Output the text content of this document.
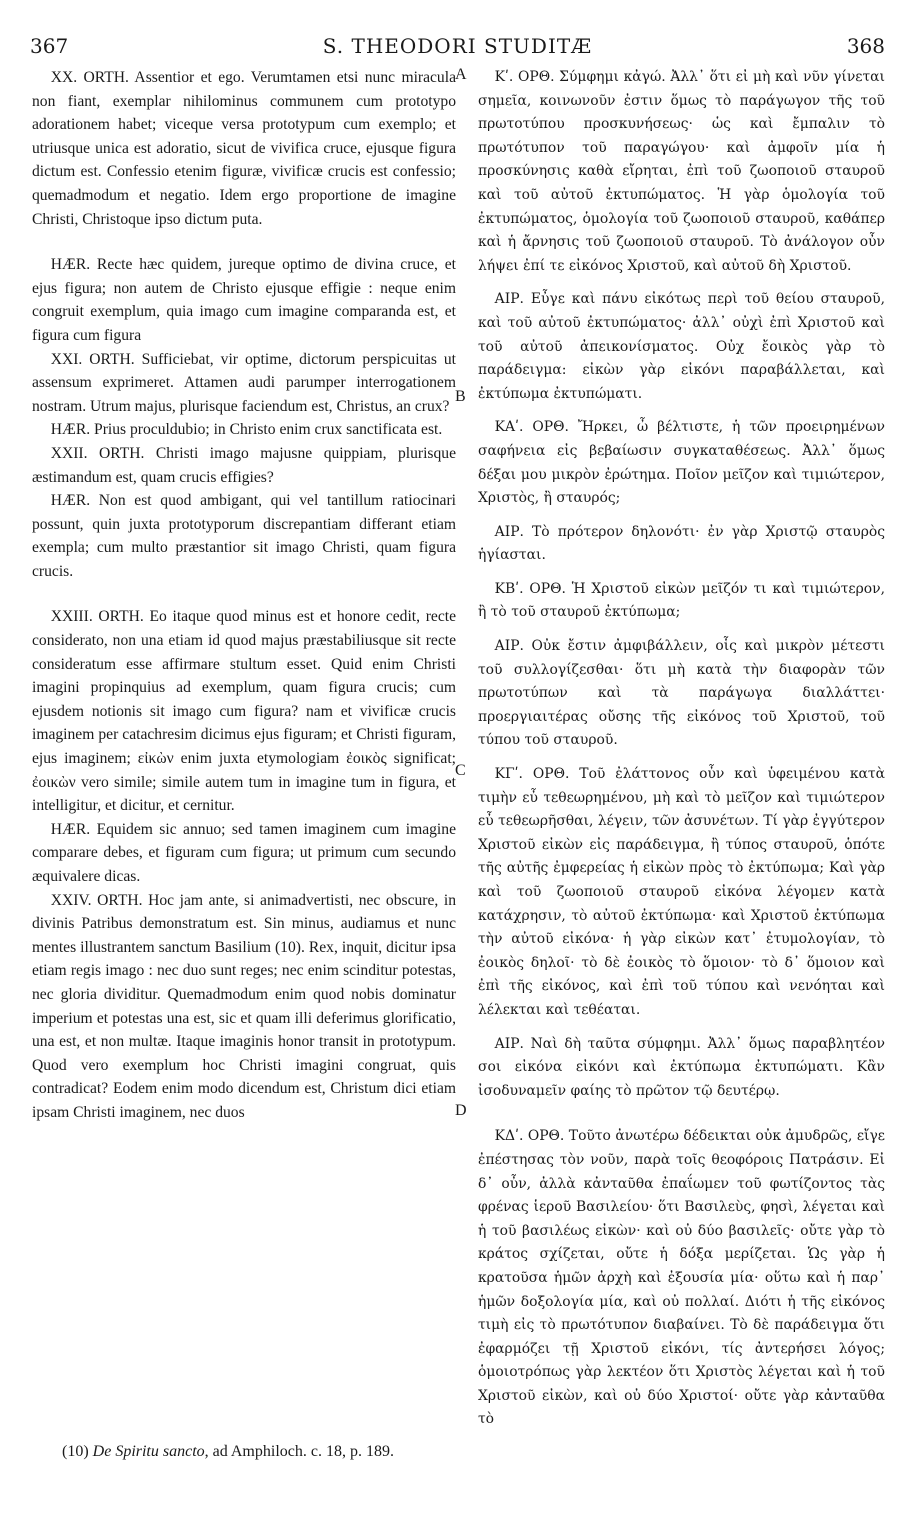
367	S. THEODORI STUDITÆ	368

XX. ORTH. Assentior et ego. Verumtamen etsi nunc miracula non fiant, exemplar nihilominus communem cum prototypo adorationem habet; viceque versa prototypum cum exemplo; et utriusque unica est adoratio, sicut de vivifica cruce, ejusque figura dictum est. Confessio etenim figuræ, vivificæ crucis est confessio; quemadmodum et negatio. Idem ergo proportione de imagine Christi, Christoque ipso dictum puta.

HÆR. Recte hæc quidem, jureque optimo de divina cruce, et ejus figura; non autem de Christo ejusque effigie : neque enim congruit exemplum, quia imago cum imagine comparanda est, et figura cum figura

XXI. ORTH. Sufficiebat, vir optime, dictorum perspicuitas ut assensum exprimeret. Attamen audi parumper interrogationem nostram. Utrum majus, plurisque faciendum est, Christus, an crux?

HÆR. Prius proculdubio; in Christo enim crux sanctificata est.

XXII. ORTH. Christi imago majusne quippiam, plurisque æstimandum est, quam crucis effigies?

HÆR. Non est quod ambigant, qui vel tantillum ratiocinari possunt, quin juxta prototyporum discrepantiam differant etiam exempla; cum multo præstantior sit imago Christi, quam figura crucis.

XXIII. ORTH. Eo itaque quod minus est et honore cedit, recte considerato, non una etiam id quod majus præstabiliusque sit recte consideratum esse affirmare stultum esset. Quid enim Christi imagini propinquius ad exemplum, quam figura crucis; cum ejusdem notionis sit imago cum figura? nam et vivificæ crucis imaginem per catachresim dicimus ejus figuram; et Christi figuram, ejus imaginem; εἰκὼν enim juxta etymologiam ἐοικὸς significat; ἐοικὼν vero simile; simile autem tum in imagine tum in figura, et intelligitur, et dicitur, et cernitur.

HÆR. Equidem sic annuo; sed tamen imaginem cum imagine comparare debes, et figuram cum figura; ut primum cum secundo æquivalere dicas.

XXIV. ORTH. Hoc jam ante, si animadvertisti, nec obscure, in divinis Patribus demonstratum est. Sin minus, audiamus et nunc mentes illustrantem sanctum Basilium (10). Rex, inquit, dicitur ipsa etiam regis imago : nec duo sunt reges; nec enim scinditur potestas, nec gloria dividitur. Quemadmodum enim quod nobis dominatur imperium et potestas una est, sic et quam illi deferimus glorificatio, una est, et non multæ. Itaque imaginis honor transit in prototypum. Quod vero exemplum hoc Christi imagini congruat, quis contradicat? Eodem enim modo dicendum est, Christum dici etiam ipsam Christi imaginem, nec duos

A
B
C
D

Κʹ. ΟΡΘ. Σύμφημι κἀγώ. Ἀλλ᾽ ὅτι εἰ μὴ καὶ νῦν γίνεται σημεῖα, κοινωνοῦν ἐστιν ὅμως τὸ παράγωγον τῆς τοῦ πρωτοτύπου προσκυνήσεως· ὡς καὶ ἔμπαλιν τὸ πρωτότυπον τοῦ παραγώγου· καὶ ἀμφοῖν μία ἡ προσκύνησις καθὰ εἴρηται, ἐπὶ τοῦ ζωοποιοῦ σταυροῦ καὶ τοῦ αὐτοῦ ἐκτυπώματος. Ἡ γὰρ ὁμολογία τοῦ ἐκτυπώματος, ὁμολογία τοῦ ζωοποιοῦ σταυροῦ, καθάπερ καὶ ἡ ἄρνησις τοῦ ζωοποιοῦ σταυροῦ. Τὸ ἀνάλογον οὖν λήψει ἐπί τε εἰκόνος Χριστοῦ, καὶ αὐτοῦ δὴ Χριστοῦ.

ΑΙΡ. Εὖγε καὶ πάνυ εἰκότως περὶ τοῦ θείου σταυροῦ, καὶ τοῦ αὐτοῦ ἐκτυπώματος· ἀλλ᾽ οὐχὶ ἐπὶ Χριστοῦ καὶ τοῦ αὐτοῦ ἀπεικονίσματος. Οὐχ ἔοικὸς γὰρ τὸ παράδειγμα: εἰκὼν γὰρ εἰκόνι παραβάλλεται, καὶ ἐκτύπωμα ἐκτυπώματι.

ΚΑʹ. ΟΡΘ. Ἤρκει, ὦ βέλτιστε, ἡ τῶν προειρημένων σαφήνεια εἰς βεβαίωσιν συγκαταθέσεως. Ἀλλ᾽ ὅμως δέξαι μου μικρὸν ἐρώτημα. Ποῖον μεῖζον καὶ τιμιώτερον, Χριστὸς, ἢ σταυρός;

ΑΙΡ. Τὸ πρότερον δηλονότι· ἐν γὰρ Χριστῷ σταυρὸς ἡγίασται.

ΚΒʹ. ΟΡΘ. Ἡ Χριστοῦ εἰκὼν μεῖζόν τι καὶ τιμιώτερον, ἢ τὸ τοῦ σταυροῦ ἐκτύπωμα;

ΑΙΡ. Οὐκ ἔστιν ἀμφιβάλλειν, οἷς καὶ μικρὸν μέτεστι τοῦ συλλογίζεσθαι· ὅτι μὴ κατὰ τὴν διαφορὰν τῶν πρωτοτύπων καὶ τὰ παράγωγα διαλλάττει· προεργιαιτέρας οὔσης τῆς εἰκόνος τοῦ Χριστοῦ, τοῦ τύπου τοῦ σταυροῦ.

ΚΓʹ. ΟΡΘ. Τοῦ ἐλάττονος οὖν καὶ ὑφειμένου κατὰ τιμὴν εὖ τεθεωρημένου, μὴ καὶ τὸ μεῖζον καὶ τιμιώτερον εὖ τεθεωρῆσθαι, λέγειν, τῶν ἀσυνέτων. Τί γὰρ ἐγγύτερον Χριστοῦ εἰκὼν εἰς παράδειγμα, ἢ τύπος σταυροῦ, ὁπότε τῆς αὐτῆς ἐμφερείας ἡ εἰκὼν πρὸς τὸ ἐκτύπωμα; Καὶ γὰρ καὶ τοῦ ζωοποιοῦ σταυροῦ εἰκόνα λέγομεν κατὰ κατάχρησιν, τὸ αὐτοῦ ἐκτύπωμα· καὶ Χριστοῦ ἐκτύπωμα τὴν αὐτοῦ εἰκόνα· ἡ γὰρ εἰκὼν κατ᾽ ἐτυμολογίαν, τὸ ἐοικὸς δηλοῖ· τὸ δὲ ἐοικὸς τὸ ὅμοιον· τὸ δ᾽ ὅμοιον καὶ ἐπὶ τῆς εἰκόνος, καὶ ἐπὶ τοῦ τύπου καὶ νενόηται καὶ λέλεκται καὶ τεθέαται.

ΑΙΡ. Ναὶ δὴ ταῦτα σύμφημι. Ἀλλ᾽ ὅμως παραβλητέον σοι εἰκόνα εἰκόνι καὶ ἐκτύπωμα ἐκτυπώματι. Κἂν ἰσοδυναμεῖν φαίης τὸ πρῶτον τῷ δευτέρῳ.

ΚΔʹ. ΟΡΘ. Τοῦτο ἀνωτέρω δέδεικται οὐκ ἀμυδρῶς, εἴγε ἐπέστησας τὸν νοῦν, παρὰ τοῖς θεοφόροις Πατράσιν. Εἰ δ᾽ οὖν, ἀλλὰ κἀνταῦθα ἐπαΐωμεν τοῦ φωτίζοντος τὰς φρένας ἱεροῦ Βασιλείου· ὅτι Βασιλεὺς, φησὶ, λέγεται καὶ ἡ τοῦ βασιλέως εἰκὼν· καὶ οὐ δύο βασιλεῖς· οὔτε γὰρ τὸ κράτος σχίζεται, οὔτε ἡ δόξα μερίζεται. Ὡς γὰρ ἡ κρατοῦσα ἡμῶν ἀρχὴ καὶ ἐξουσία μία· οὕτω καὶ ἡ παρ᾽ ἡμῶν δοξολογία μία, καὶ οὐ πολλαί. Διότι ἡ τῆς εἰκόνος τιμὴ εἰς τὸ πρωτότυπον διαβαίνει. Τὸ δὲ παράδειγμα ὅτι ἐφαρμόζει τῇ Χριστοῦ εἰκόνι, τίς ἀντερήσει λόγος; ὁμοιοτρόπως γὰρ λεκτέον ὅτι Χριστὸς λέγεται καὶ ἡ τοῦ Χριστοῦ εἰκὼν, καὶ οὐ δύο Χριστοί· οὔτε γὰρ κἀνταῦθα τὸ

(10) De Spiritu sancto, ad Amphiloch. c. 18, p. 189.
